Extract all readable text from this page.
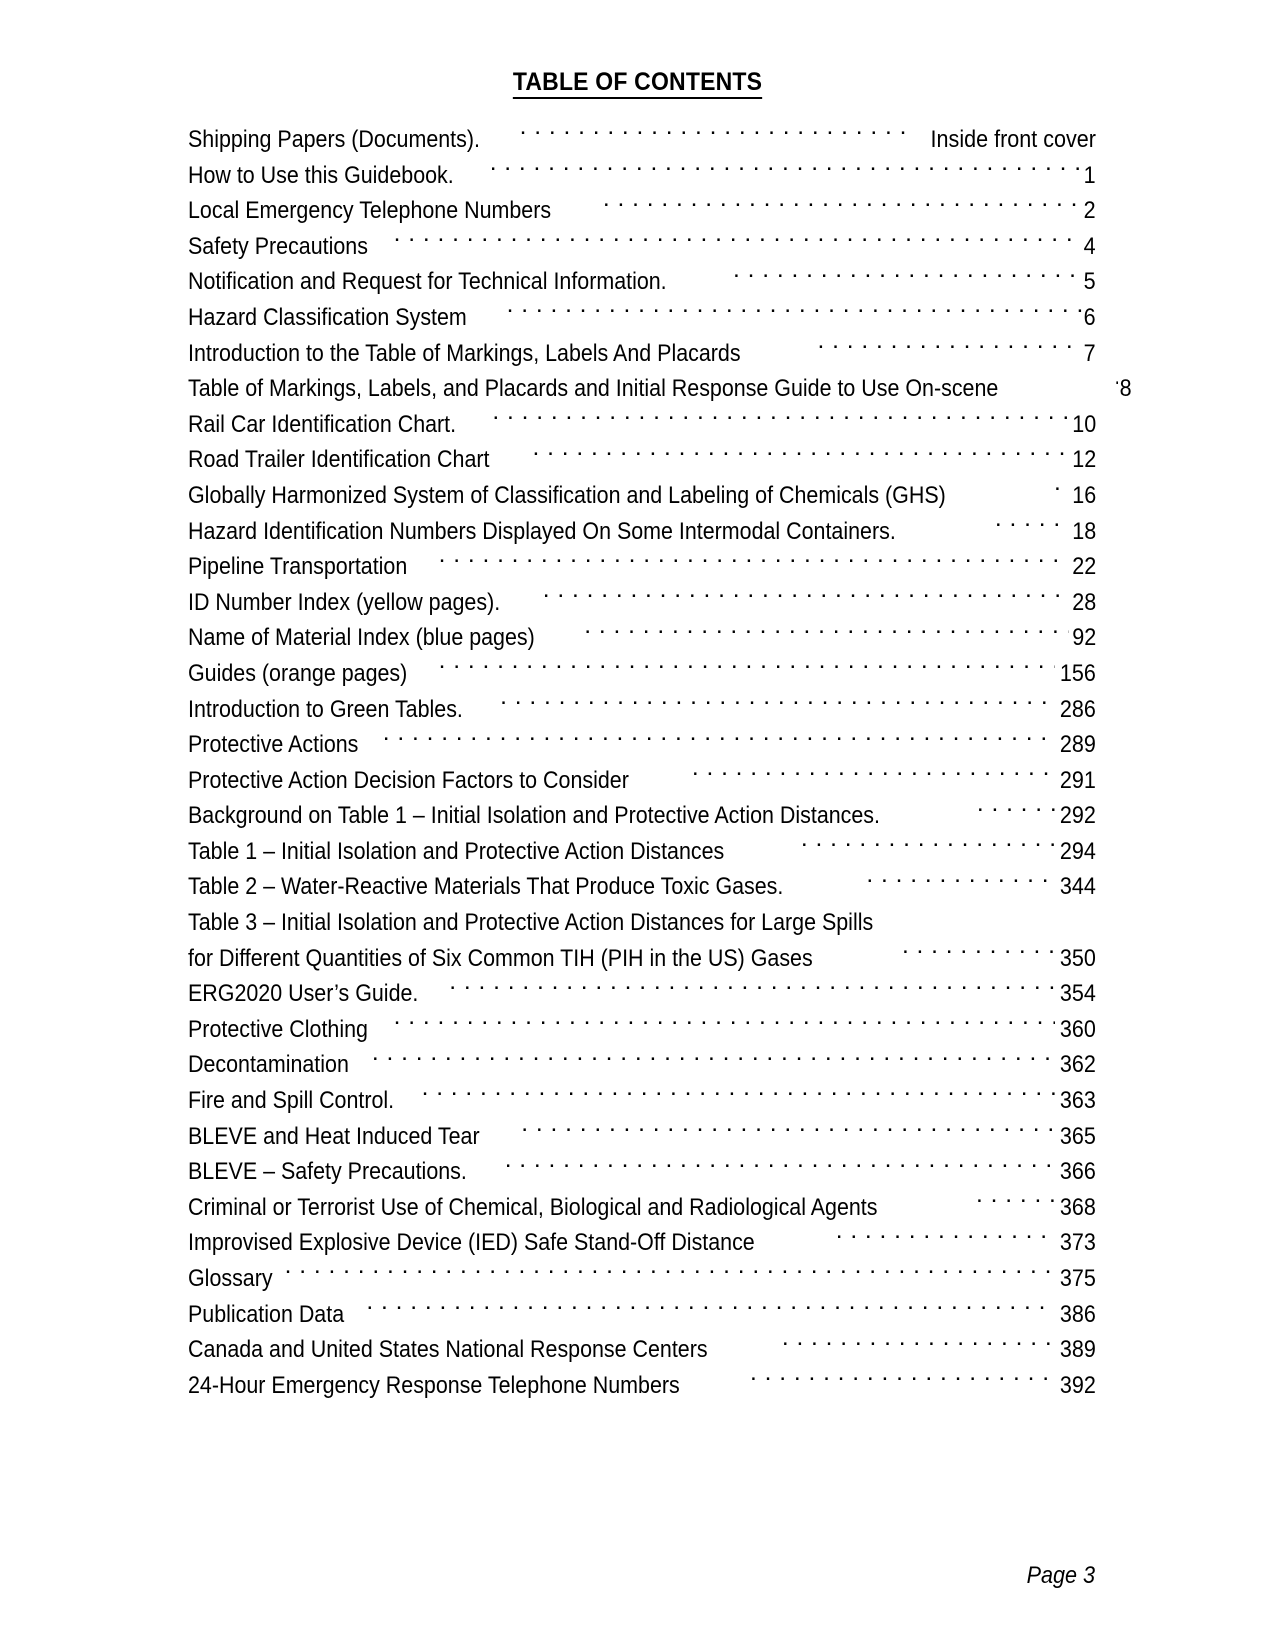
TABLE OF CONTENTS
Shipping Papers (Documents). . . .	Inside front cover
How to Use this Guidebook. . . .	1
Local Emergency Telephone Numbers . . .	2
Safety Precautions . . .	4
Notification and Request for Technical Information. . . .	5
Hazard Classification System . . .	6
Introduction to the Table of Markings, Labels And Placards . . .	7
Table of Markings, Labels, and Placards and Initial Response Guide to Use On-scene . . .	8
Rail Car Identification Chart. . . .	10
Road Trailer Identification Chart . . .	12
Globally Harmonized System of Classification and Labeling of Chemicals (GHS) . . .	16
Hazard Identification Numbers Displayed On Some Intermodal Containers. . . .	18
Pipeline Transportation . . .	22
ID Number Index (yellow pages). . . .	28
Name of Material Index (blue pages) . . .	92
Guides (orange pages) . . .	156
Introduction to Green Tables. . . .	286
Protective Actions . . .	289
Protective Action Decision Factors to Consider . . .	291
Background on Table 1 – Initial Isolation and Protective Action Distances. . . .	292
Table 1 – Initial Isolation and Protective Action Distances . . .	294
Table 2 – Water-Reactive Materials That Produce Toxic Gases. . . .	344
Table 3 – Initial Isolation and Protective Action Distances for Large Spills
for Different Quantities of Six Common TIH (PIH in the US) Gases . . .	350
ERG2020 User’s Guide. . . .	354
Protective Clothing . . .	360
Decontamination . . .	362
Fire and Spill Control. . . .	363
BLEVE and Heat Induced Tear . . .	365
BLEVE – Safety Precautions. . . .	366
Criminal or Terrorist Use of Chemical, Biological and Radiological Agents . . .	368
Improvised Explosive Device (IED) Safe Stand-Off Distance . . .	373
Glossary . . .	375
Publication Data . . .	386
Canada and United States National Response Centers . . .	389
24-Hour Emergency Response Telephone Numbers . . .	392
Page 3
